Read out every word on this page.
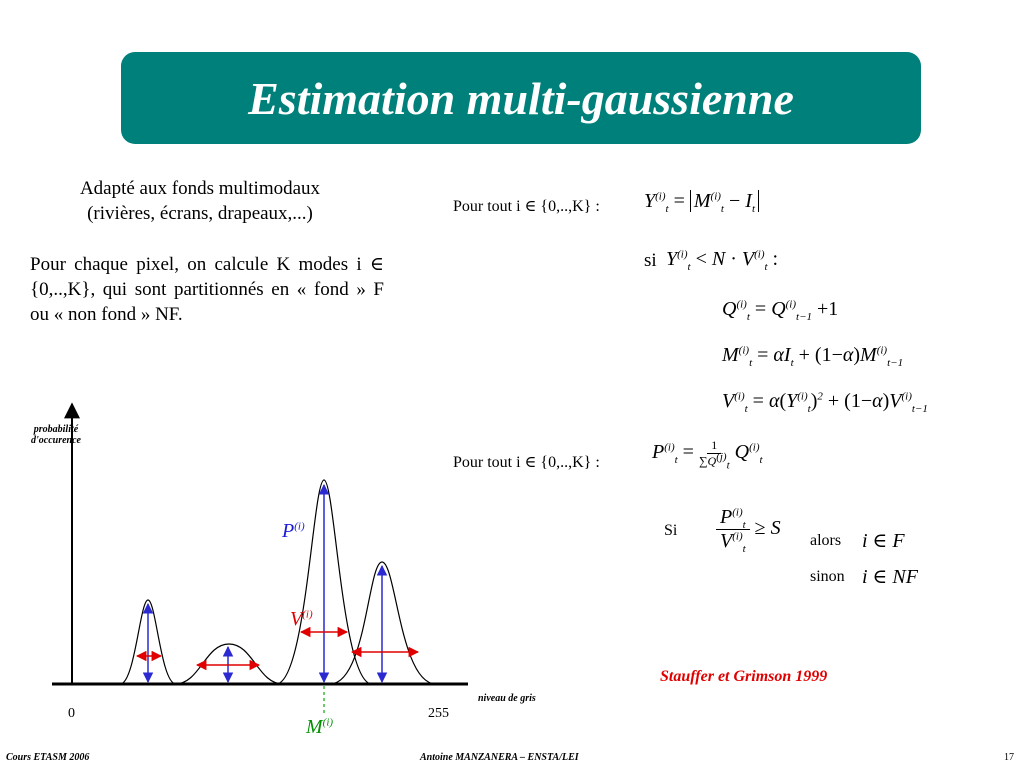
Estimation multi-gaussienne
Adapté aux fonds multimodaux
(rivières, écrans, drapeaux,...)
Pour chaque pixel, on calcule K modes i ∈ {0,..,K}, qui sont partitionnés en « fond » F ou « non fond » NF.
probabilité
d'occurence
niveau de gris
0	255
$P^{(i)}$
$V^{(i)}$
$M^{(i)}$
Pour tout i ∈ {0,..,K} : $Y^{(i)}_t = M^{(i)}_t - I_t$
si $Y^{(i)}_t < N \cdot V^{(i)}_t$ :
$Q^{(i)}_t = Q^{(i)}_{t-1} +1$
$M^{(i)}_t = \alpha I_t + (1-\alpha)M^{(i)}_{t-1}$
$V^{(i)}_t = \alpha(Y^{(i)}_t)^2 + (1-\alpha)V^{(i)}_{t-1}$
Pour tout i ∈ {0,..,K} :	$P^{(i)}_t = \frac{1}{\sum Q^{(j)}_t} Q^{(i)}_t$
Si $\frac{P^{(i)}_t}{V^{(i)}_t} \ge S$
alors i ∈ F
sinon i ∈ NF
Stauffer et Grimson 1999
Cours ETASM 2006	Antoine MANZANERA – ENSTA/LEI	17
